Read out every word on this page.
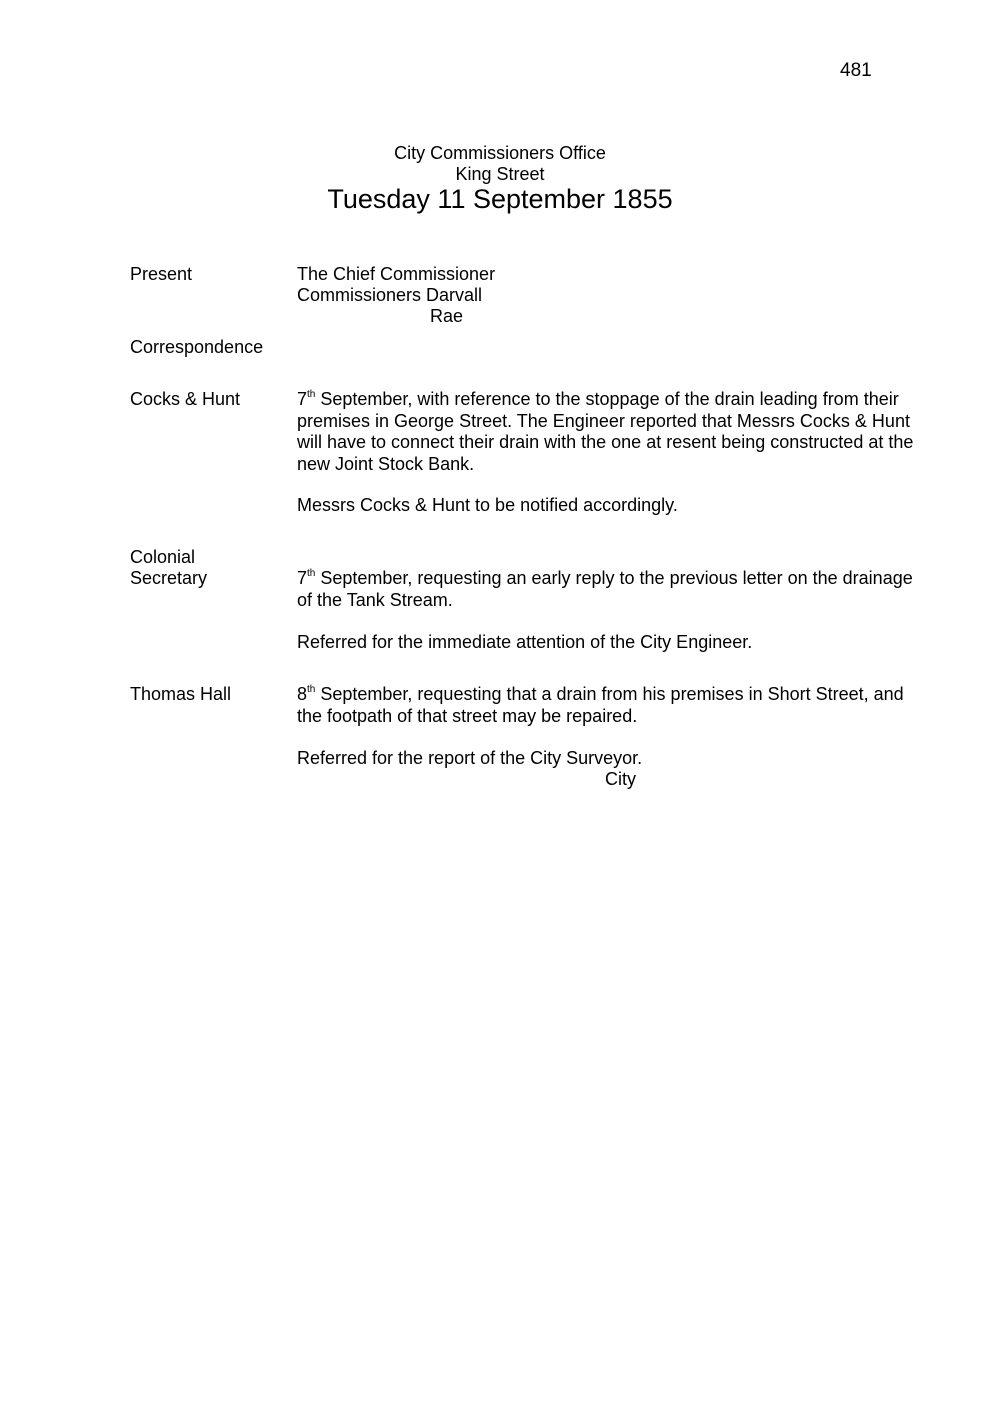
481
City Commissioners Office
King Street
Tuesday 11 September 1855
Present	The Chief Commissioner
Commissioners Darvall
Rae
Correspondence
Cocks & Hunt	7th September, with reference to the stoppage of the drain leading from their premises in George Street. The Engineer reported that Messrs Cocks & Hunt will have to connect their drain with the one at resent being constructed at the new Joint Stock Bank.
Messrs Cocks & Hunt to be notified accordingly.
Colonial
Secretary	7th September, requesting an early reply to the previous letter on the drainage of the Tank Stream.
Referred for the immediate attention of the City Engineer.
Thomas Hall	8th September, requesting that a drain from his premises in Short Street, and the footpath of that street may be repaired.
Referred for the report of the City Surveyor.
City
